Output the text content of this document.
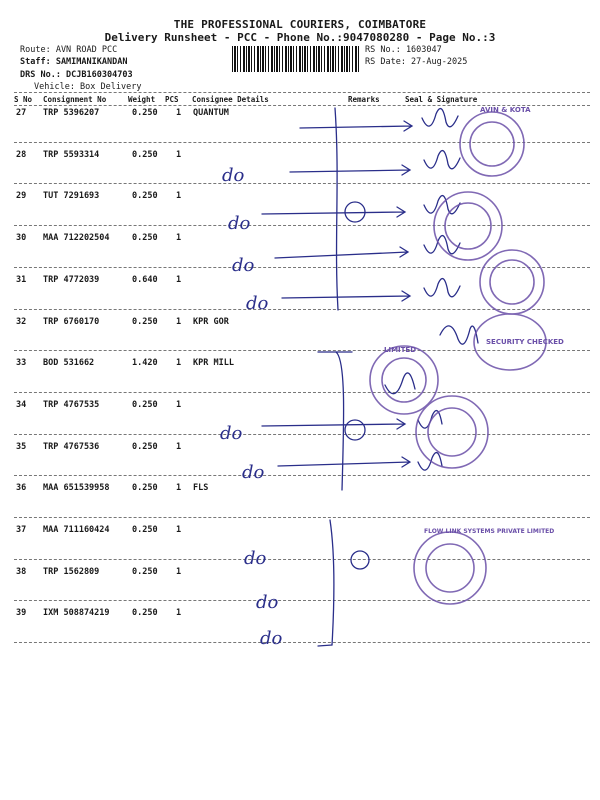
THE PROFESSIONAL COURIERS, COIMBATORE
Delivery Runsheet - PCC - Phone No.:9047080280 - Page No.:3
Route: AVN ROAD PCC
Staff: SAMIMANIKANDAN
DRS No.: DCJB160304703
Vehicle: Box Delivery
RS No.: 1603047
RS Date: 27-Aug-2025
S No Consignment No	Weight PCS Consignee Details	Remarks	Seal & Signature
27 TRP 5396207	0.250 1 QUANTUM
28 TRP 5593314	0.250 1
29 TUT 7291693	0.250 1
30 MAA 712202504	0.250 1
31 TRP 4772039	0.640 1
32 TRP 6760170	0.250 1 KPR GOR
33 BOD 531662	1.420 1 KPR MILL
34 TRP 4767535	0.250 1
35 TRP 4767536	0.250 1
36 MAA 651539958	0.250 1 FLS
37 MAA 711160424	0.250 1
38 TRP 1562809	0.250 1
39 IXM 508874219	0.250 1
do
do
do
do
do
do
do
do
do
AVIN & KOTA
SECURITY CHECKED
LIMITED
FLOW LINK SYSTEMS PRIVATE LIMITED
